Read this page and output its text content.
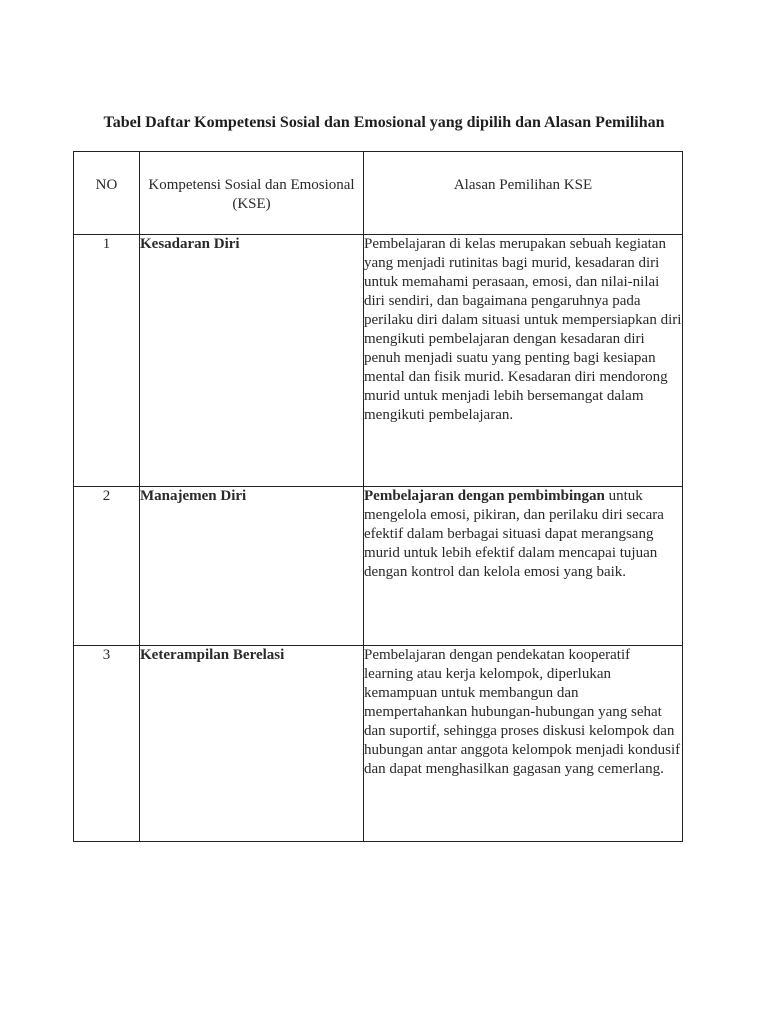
Tabel Daftar Kompetensi Sosial dan Emosional yang dipilih dan Alasan Pemilihan
NO	Kompetensi Sosial dan Emosional (KSE)	Alasan Pemilihan KSE
1	Kesadaran Diri	Pembelajaran di kelas merupakan sebuah kegiatan yang menjadi rutinitas bagi murid, kesadaran diri untuk memahami perasaan, emosi, dan nilai-nilai diri sendiri, dan bagaimana pengaruhnya pada perilaku diri dalam situasi untuk mempersiapkan diri mengikuti pembelajaran dengan kesadaran diri penuh menjadi suatu yang penting bagi kesiapan mental dan fisik murid. Kesadaran diri mendorong murid untuk menjadi lebih bersemangat dalam mengikuti pembelajaran.
2	Manajemen Diri	Pembelajaran dengan pembimbingan untuk mengelola emosi, pikiran, dan perilaku diri secara efektif dalam berbagai situasi dapat merangsang murid untuk lebih efektif dalam mencapai tujuan dengan kontrol dan kelola emosi yang baik.
3	Keterampilan Berelasi	Pembelajaran dengan pendekatan kooperatif learning atau kerja kelompok, diperlukan kemampuan untuk membangun dan mempertahankan hubungan-hubungan yang sehat dan suportif, sehingga proses diskusi kelompok dan hubungan antar anggota kelompok menjadi kondusif dan dapat menghasilkan gagasan yang cemerlang.
